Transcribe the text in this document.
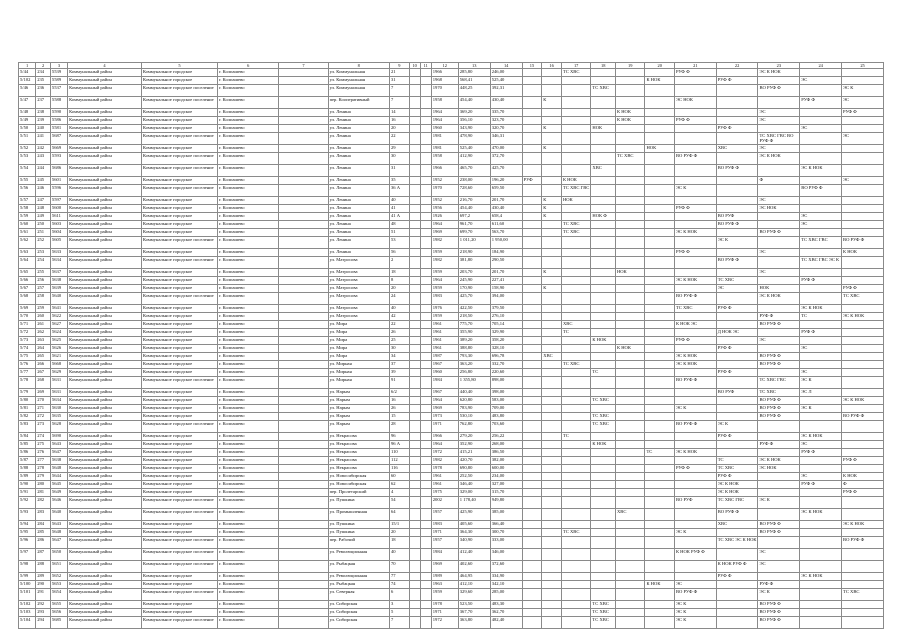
1	2	3	4	5	6	7	8	9	10	11	12	13	14	15	16	17	18	19	20	21	22	23	24	25
5/44	234	5539	Коммунальный район	Коммунальное городское	г. Колпашево		ул. Коммунальная	21			1966	285,80	246,00			ТС ХВС				РУФ Ф		ЭС К НОК		
5/102	235	5589	Коммунальный район	Коммунальное городское	г. Колпашево		ул. Коммунальная	31			1968	568,41	525,40						К НОК		РУФ Ф		ЭС	
5/46	236	5537	Коммунальный район	Коммунальное городское поселение	г. Колпашево		ул. Коммунальная	7			1970	448,25	392,31				ТС ХВС					ВО РУФ Ф		ЭС К
5/47	237	5588	Коммунальный район	Коммунальное городское поселение	г. Колпашево		пер. Кооперативный	7			1958	454,40	430,40		К					ЭС НОК			РУФ Ф	ЭС
5/48	238	5590	Коммунальный район	Коммунальное городское	г. Колпашево		ул. Ленина	14			1964	369,20	335,70					К НОК				ЭС		РУФ Ф
5/49	239	5586	Коммунальный район	Коммунальное городское	г. Колпашево		ул. Ленина	16			1964	356,10	323,70					К НОК		РУФ Ф		ЭС		
5/50	240	5581	Коммунальный район	Коммунальное городское	г. Колпашево		ул. Ленина	20			1960	343,90	320,70		К		НОК				РУФ Ф		ЭС	
5/51	241	5687	Коммунальный район	Коммунальное городское поселение	г. Колпашево		ул. Ленина	22			1981	478,90	346,31									ТС ХВС ГВС ВО РУФ Ф		ЭС
5/52	242	5669	Коммунальный район	Коммунальное городское	г. Колпашево		ул. Ленина	29			1981	525,40	470,00		К				НОК		ХВС	ЭС		
5/53	243	5593	Коммунальный район	Коммунальное городское поселение	г. Колпашево		ул. Ленина	30			1958	412,90	372,70					ТС ХВС		ВО РУФ Ф		ЭС К НОК		
5/54	244	5686	Коммунальный район	Коммунальное городское поселение	г. Колпашево		ул. Ленина	31			1966	465,70	425,70				ХВС				ВО РУФ Ф		ЭС К НОК	
5/55	245	5601	Коммунальный район	Коммунальное городское	г. Колпашево		ул. Ленина	35			1952	238,00	196,20	РУФ		К НОК						Ф		ЭС
5/56	246	5596	Коммунальный район	Коммунальное городское поселение	г. Колпашево		ул. Ленина	36 А			1970	728,60	659,50			ТС ХВС ГВС				ЭС К			ВО РУФ Ф	
5/57	247	5597	Коммунальный район	Коммунальное городское	г. Колпашево		ул. Ленина	40			1952	216,70	201,70		К	НОК						ЭС		
5/58	248	5600	Коммунальный район	Коммунальное городское	г. Колпашево		ул. Ленина	41			1956	454,40	430,40		К					РУФ Ф		ЭС НОК		
5/59	249	5611	Коммунальный район	Коммунальное городское	г. Колпашево		ул. Ленина	41 А			1926	697,2	658,4		К		НОК Ф				ВО РУФ		ЭС	
5/60	250	5603	Коммунальный район	Коммунальное городское	г. Колпашево		ул. Ленина	48			1964	961,70	611,60			ТС ХВС					ВО РУФ Ф		ЭС	
5/61	251	5604	Коммунальный район	Коммунальное городское	г. Колпашево		ул. Ленина	51			1969	699,70	563,70			ТС ХВС				ЭС К НОК		ВО РУФ Ф		
5/62	252	5605	Коммунальный район	Коммунальное городское поселение	г. Колпашево		ул. Ленина	53			1982	1 011,20	1 950,00								ЭС К		ТС ХВС ГВС	ВО РУФ Ф
5/63	253	5633	Коммунальный район	Коммунальное городское	г. Колпашево		ул. Ленина	56			1959	218,90	184,90							РУФ Ф		ЭС		К НОК
5/64	254	5634	Коммунальный район	Коммунальное городское поселение	г. Колпашево		ул. Матросова	2			1982	381,80	290,50								ВО РУФ Ф		ТС ХВС ГВС ЭС К	
5/65	255	5637	Коммунальный район	Коммунальное городское	г. Колпашево		ул. Матросова	18			1959	203,70	201,70		К			НОК				ЭС		
5/66	256	5638	Коммунальный район	Коммунальное городское	г. Колпашево		ул. Матросова	8			1964	245,90	227,41							ЭС К НОК	ТС ХВС		РУФ Ф	
5/67	257	5639	Коммунальный район	Коммунальное городское	г. Колпашево		ул. Матросова	20			1959	170,90	158,90		К						ЭС	НОК		РУФ Ф
5/68	258	5640	Коммунальный район	Коммунальное городское поселение	г. Колпашево		ул. Матросова	24			1983	425,70	394,00							ВО РУФ Ф		ЭС К НОК		ТС ХВС
5/69	259	5641	Коммунальный район	Коммунальное городское	г. Колпашево		ул. Матросова	40			1976	422,50	379,50							ТС ХВС	РУФ Ф		ЭС К НОК	
5/70	260	5622	Коммунальный район	Коммунальное городское	г. Колпашево		ул. Матросова	42			1959	218,50	276,10									РУФ Ф	ТС	ЭС К НОК
5/71	261	5627	Коммунальный район	Коммунальное городское	г. Колпашево		ул. Мира	22			1961	775,70	705,14			ХВС				К НОК ЭС		ВО РУФ Ф		
5/72	262	5624	Коммунальный район	Коммунальное городское	г. Колпашево		ул. Мира	26			1961	355,90	329,90			ТС					Д НОК ЭС		РУФ Ф	
5/73	263	5625	Коммунальный район	Коммунальное городское	г. Колпашево		ул. Мира	25			1961	389,20	358,20				К НОК			РУФ Ф		ЭС		
5/74	264	5626	Коммунальный район	Коммунальное городское	г. Колпашево		ул. Мира	30			1961	388,80	328,10					К НОК			РУФ Ф		ЭС	
5/75	265	5621	Коммунальный район	Коммунальное городское	г. Колпашево		ул. Мира	34			1987	793,30	696,78		ХВС					ЭС К НОК		ВО РУФ Ф		
5/76	266	5668	Коммунальный район	Коммунальное городское	г. Колпашево		ул. Мирная	37			1967	363,20	332,70			ТС ХВС				ЭС К НОК		ВО РУФ Ф		
5/77	267	5629	Коммунальный район	Коммунальное городское	г. Колпашево		ул. Мирная	39			1960	256,80	220,60				ТС				РУФ Ф		ЭС	
5/78	268	5631	Коммунальный район	Коммунальное городское поселение	г. Колпашево		ул. Мирная	91			1984	1 355,80	898,00							ВО РУФ Ф		ТС ХВС ГВС	ЭС К	
5/79	269	5631	Коммунальный район	Коммунальное городское	г. Колпашево		ул. Нарым	6/2			1967	440,40	398,00								ВО РУФ	ТС ХВС	ЭС Л	
5/80	270	5634	Коммунальный район	Коммунальное городское	г. Колпашево		ул. Нарым	16			1964	620,80	583,00				ТС ХВС					ВО РУФ Ф		ЭС К НОК
5/81	271	5630	Коммунальный район	Коммунальное городское	г. Колпашево		ул. Нарым	26			1969	783,90	709,00							ЭС К		ВО РУФ Ф	ЭС К	
5/82	272	5635	Коммунальный район	Коммунальное городское	г. Колпашево		ул. Нарым	15			1973	530,10	483,80				ТС ХВС					ВО РУФ Ф		ВО РУФ Ф
5/83	273	5628	Коммунальный район	Коммунальное городское поселение	г. Колпашево		ул. Нарым	28			1971	762,80	703,60				ТС ХВС			ВО РУФ Ф	ЭС К			
5/84	274	5690	Коммунальный район	Коммунальное городское	г. Колпашево		ул. Некрасова	96			1966	279,20	256,22			ТС					РУФ Ф		ЭС К НОК	
5/85	275	5643	Коммунальный район	Коммунальное городское	г. Колпашево		ул. Некрасова	96 А			1964	352,90	268,00				К НОК					РУФ Ф	ЭС	
5/86	276	5647	Коммунальный район	Коммунальное городское	г. Колпашево		ул. Некрасова	110			1972	415,21	386,50						ТС	ЭС К НОК			РУФ Ф	
5/87	277	5638	Коммунальный район	Коммунальное городское	г. Колпашево		ул. Некрасова	112			1982	420,70	382,00								ТС	ЭС К НОК		РУФ Ф
5/88	278	5648	Коммунальный район	Коммунальное городское	г. Колпашево		ул. Некрасова	116			1978	690,80	600,00							РУФ Ф	ТС ХВС	ЭС НОК		
5/89	279	5644	Коммунальный район	Коммунальное городское	г. Колпашево		ул. Новосибирская	60			1961	252,50	234,00								РУФ Ф		ЭС	К НОК
5/90	280	5645	Коммунальный район	Коммунальное городское	г. Колпашево		ул. Новосибирская	62			1961	346,40	327,00								ЭС К НОК		РУФ Ф	Ф
5/91	281	5649	Коммунальный район	Коммунальное городское	г. Колпашево		пер. Пролетарский	4			1975	329,00	315,70								ЭС К НОК			РУФ Ф
5/92	282	5646	Коммунальный район	Коммунальное городское поселение	г. Колпашево		ул. Пушкина	54			2002	1 178,40	949,80							ВО РУФ	ТС ХВС ГВС	ЭС К		
5/93	283	5640	Коммунальный район	Коммунальное городское поселение	г. Колпашево		ул. Промышленная	64			1957	425,90	385,00					ХВС			ВО РУФ Ф		ЭС К НОК	
5/94	284	5643	Коммунальный район	Коммунальное городское	г. Колпашево		ул. Пушкина	15/1			1983	405,60	366,40								ХВС	ВО РУФ Ф		ЭС К НОК
5/95	285	5648	Коммунальный район	Коммунальное городское	г. Колпашево		ул. Пушкина	20			1971	364,30	300,70			ТС ХВС				ЭС К		ВО РУФ Ф		
5/96	286	5647	Коммунальный район	Коммунальное городское поселение	г. Колпашево		пер. Рабочий	18			1957	340,90	333,00								ТС ХВС ЭС К НОК			ВО РУФ Ф
5/97	287	5650	Коммунальный район	Коммунальное городское поселение	г. Колпашево		ул. Революционная	40			1984	412,40	346,00							К НОК РУФ Ф		ЭС		
5/98	288	5651	Коммунальный район	Коммунальное городское поселение	г. Колпашево		ул. Рыбацкая	70			1969	402,60	372,60								К НОК РУФ Ф	ЭС		
5/99	289	5652	Коммунальный район	Коммунальное городское	г. Колпашево		ул. Революционная	77			1989	464,95	334,90								РУФ Ф		ЭС К НОК	
5/100	290	5653	Коммунальный район	Коммунальное городское	г. Колпашево		ул. Рыбацкая	74			1963	412,10	342,10						К НОК	ЭС		РУФ Ф		
5/101	291	5654	Коммунальный район	Коммунальное городское поселение	г. Колпашево		ул. Северная	6			1959	329,60	285,00							ВО РУФ Ф		ЭС К		ТС ХВС
5/102	292	5655	Коммунальный район	Коммунальное городское	г. Колпашево		ул. Сибирская	3			1978	523,50	483,30				ТС ХВС			ЭС К		ВО РУФ Ф		
5/103	293	5656	Коммунальный район	Коммунальное городское	г. Колпашево		ул. Сибирская	5			1971	367,70	362,70				ТС ХВС			ЭС К		ВО РУФ Ф		
5/104	294	5685	Коммунальный район	Коммунальное городское поселение	г. Колпашево		ул. Сибирская	7			1972	363,80	482,40				ТС ХВС			ЭС К		ВО РУФ Ф		
